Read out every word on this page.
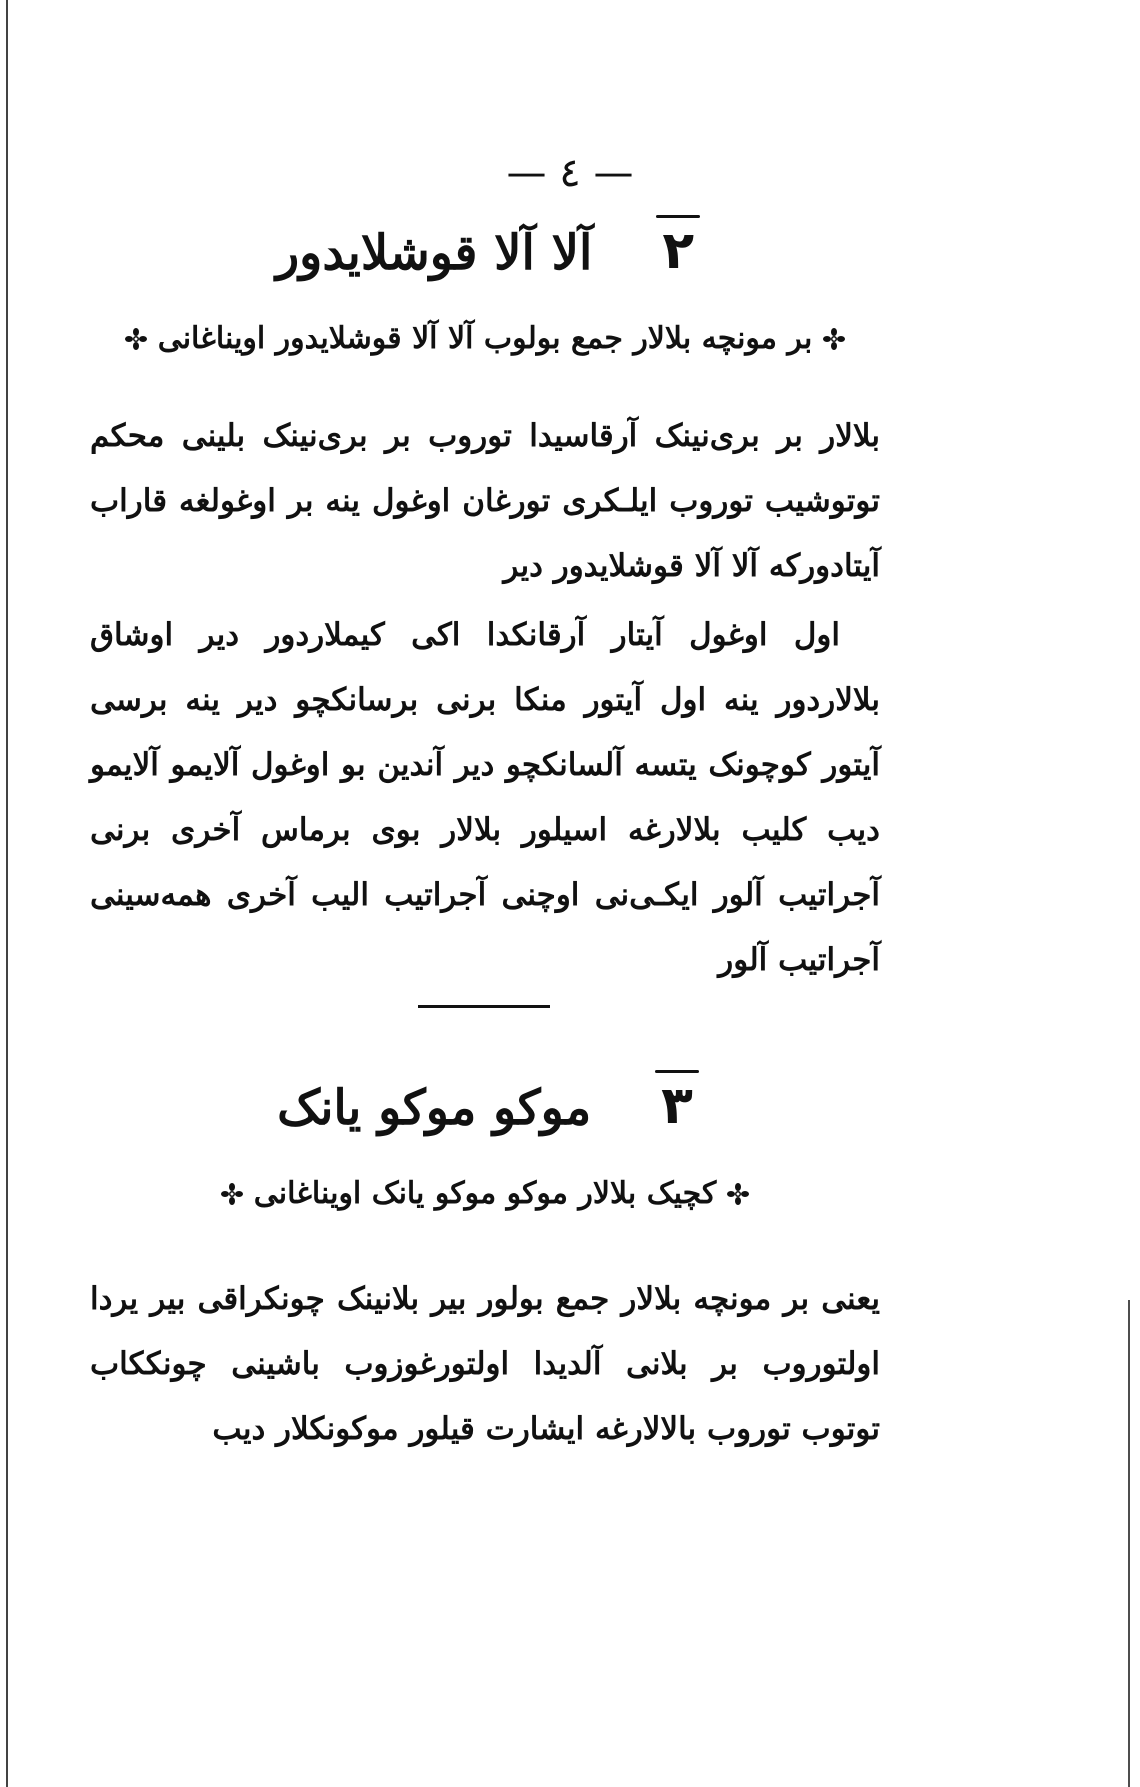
— ٤ —
٢
آلا آلا قوشلایدور
بر مونچه بلالار جمع بولوب آلا آلا قوشلایدور اویناغانی

بلالار بر بری‌نینک آرقاسیدا توروب بر بری‌نینک بلینی محکم توتوشیب توروب ایلـکری تورغان اوغول ینه بر اوغولغه قاراب آیتادورکه آلا آلا قوشلایدور دیر

اول اوغول آیتار آرقانکدا اکی کیملاردور دیر اوشاق بلالاردور ینه اول آیتور منکا برنی برسانکچو دیر ینه برسی آیتور کوچونک یتسه آلسانکچو دیر آندین بو اوغول آلایمو آلایمو دیب کلیب بلالارغه اسیلور بلالار بوی برماس آخری برنی آجراتیب آلور ایکـی‌نی اوچنی آجراتیب الیب آخری همه‌سینی آجراتیب آلور

٣
موکو موکو یانک
کچیک بلالار موکو موکو یانک اویناغانی

یعنی بر مونچه بلالار جمع بولور بیر بلانینک چونکراقی بیر یردا اولتوروب بر بلانی آلدیدا اولتورغوزوب باشینی چونککاب توتوب توروب بالالارغه ایشارت قیلور موکونکلار دیب
